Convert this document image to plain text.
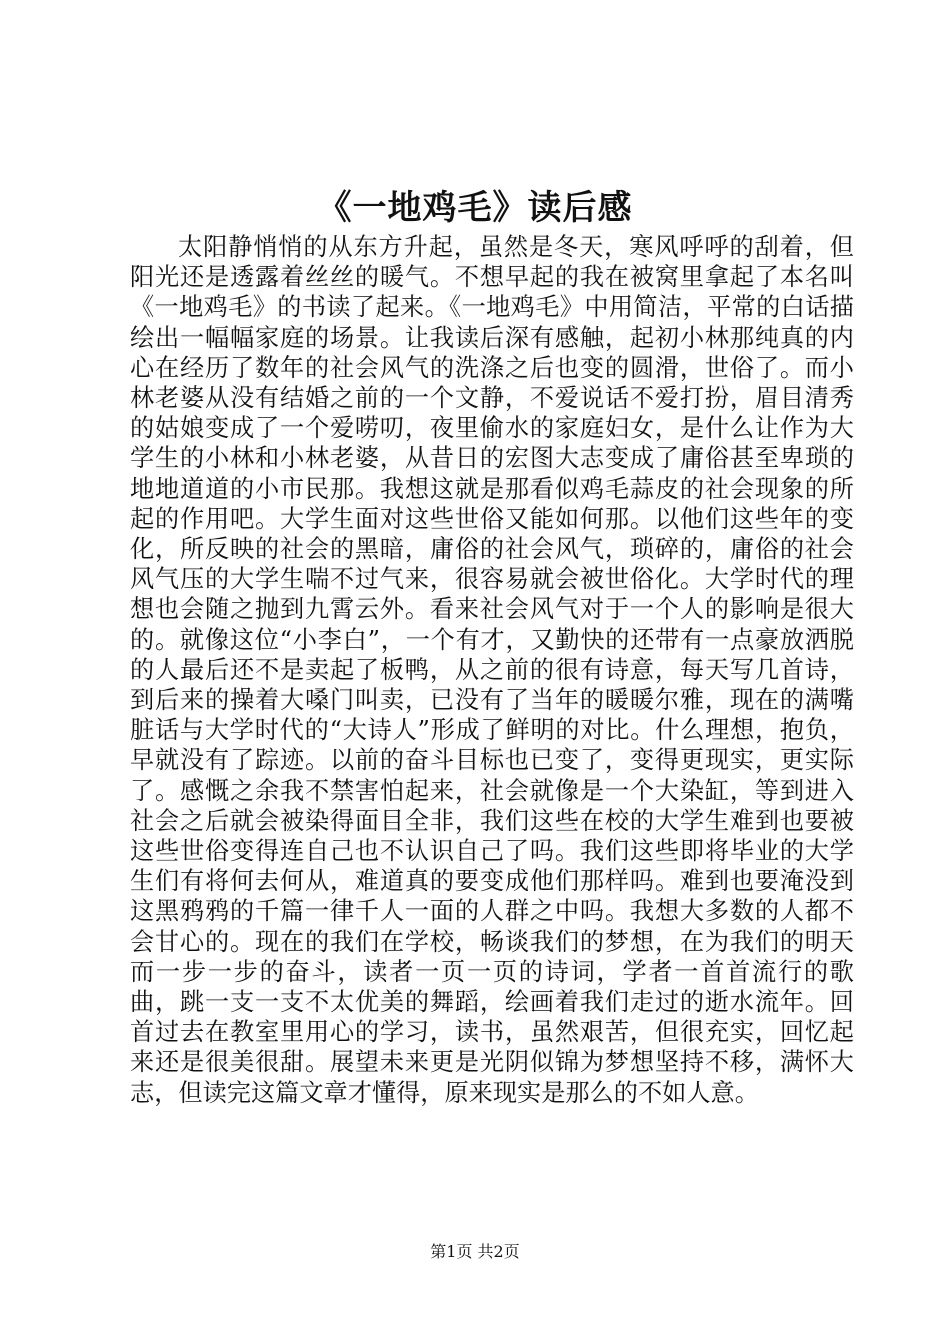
《一地鸡毛》读后感

太阳静悄悄的从东方升起，虽然是冬天，寒风呼呼的刮着，但阳光还是透露着丝丝的暖气。不想早起的我在被窝里拿起了本名叫《一地鸡毛》的书读了起来。《一地鸡毛》中用简洁，平常的白话描绘出一幅幅家庭的场景。让我读后深有感触，起初小林那纯真的内心在经历了数年的社会风气的洗涤之后也变的圆滑，世俗了。而小林老婆从没有结婚之前的一个文静，不爱说话不爱打扮，眉目清秀的姑娘变成了一个爱唠叨，夜里偷水的家庭妇女，是什么让作为大学生的小林和小林老婆，从昔日的宏图大志变成了庸俗甚至卑琐的地地道道的小市民那。我想这就是那看似鸡毛蒜皮的社会现象的所起的作用吧。大学生面对这些世俗又能如何那。以他们这些年的变化，所反映的社会的黑暗，庸俗的社会风气，琐碎的，庸俗的社会风气压的大学生喘不过气来，很容易就会被世俗化。大学时代的理想也会随之抛到九霄云外。看来社会风气对于一个人的影响是很大的。就像这位“小李白”，一个有才，又勤快的还带有一点豪放洒脱的人最后还不是卖起了板鸭，从之前的很有诗意，每天写几首诗，到后来的操着大嗓门叫卖，已没有了当年的暖暖尔雅，现在的满嘴脏话与大学时代的“大诗人”形成了鲜明的对比。什么理想，抱负，早就没有了踪迹。以前的奋斗目标也已变了，变得更现实，更实际了。感慨之余我不禁害怕起来，社会就像是一个大染缸，等到进入社会之后就会被染得面目全非，我们这些在校的大学生难到也要被这些世俗变得连自己也不认识自己了吗。我们这些即将毕业的大学生们有将何去何从，难道真的要变成他们那样吗。难到也要淹没到这黑鸦鸦的千篇一律千人一面的人群之中吗。我想大多数的人都不会甘心的。现在的我们在学校，畅谈我们的梦想，在为我们的明天而一步一步的奋斗，读者一页一页的诗词，学者一首首流行的歌曲，跳一支一支不太优美的舞蹈，绘画着我们走过的逝水流年。回首过去在教室里用心的学习，读书，虽然艰苦，但很充实，回忆起来还是很美很甜。展望未来更是光阴似锦为梦想坚持不移，满怀大志，但读完这篇文章才懂得，原来现实是那么的不如人意。

第1页 共2页
